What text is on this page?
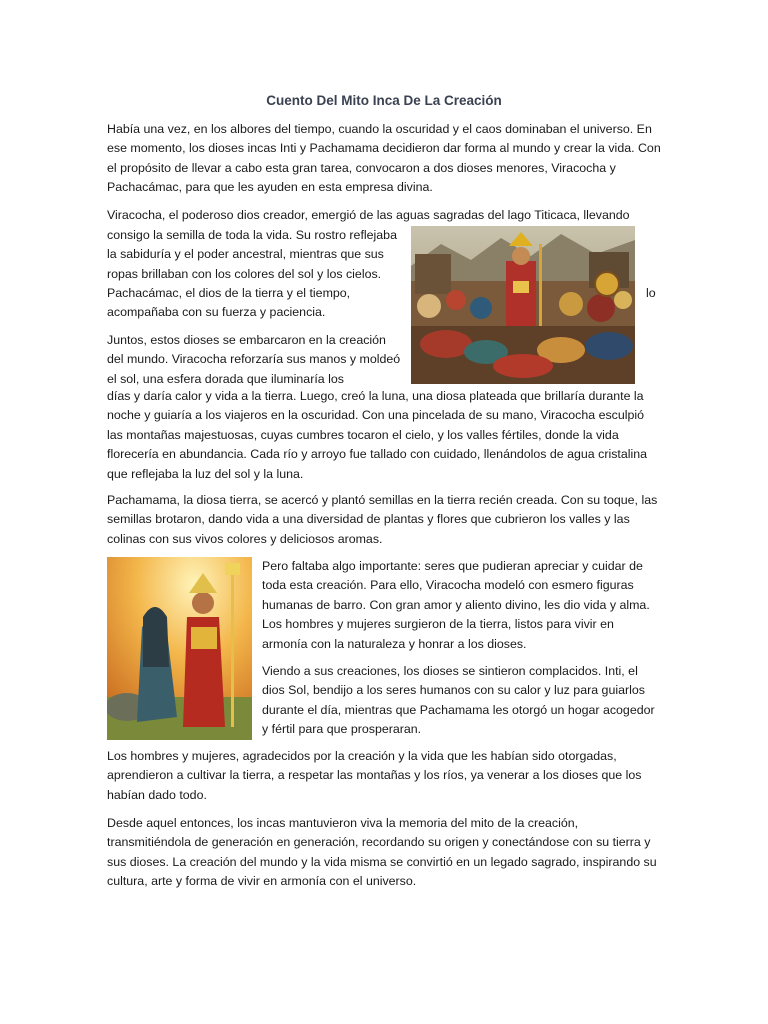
Cuento Del Mito Inca De La Creación

Había una vez, en los albores del tiempo, cuando la oscuridad y el caos dominaban el universo. En ese momento, los dioses incas Inti y Pachamama decidieron dar forma al mundo y crear la vida. Con el propósito de llevar a cabo esta gran tarea, convocaron a dos dioses menores, Viracocha y Pachacámac, para que les ayuden en esta empresa divina.

Viracocha, el poderoso dios creador, emergió de las aguas sagradas del lago Titicaca, llevando

consigo la semilla de toda la vida. Su rostro reflejaba la sabiduría y el poder ancestral, mientras que sus ropas brillaban con los colores del sol y los cielos. Pachacámac, el dios de la tierra y el tiempo,	lo

acompañaba con su fuerza y paciencia.

Juntos, estos dioses se embarcaron en la creación del mundo. Viracocha reforzaría sus manos y moldeó el sol, una esfera dorada que iluminaría los

días y daría calor y vida a la tierra. Luego, creó la luna, una diosa plateada que brillaría durante la noche y guiaría a los viajeros en la oscuridad. Con una pincelada de su mano, Viracocha esculpió las montañas majestuosas, cuyas cumbres tocaron el cielo, y los valles fértiles, donde la vida florecería en abundancia. Cada río y arroyo fue tallado con cuidado, llenándolos de agua cristalina que reflejaba la luz del sol y la luna.

Pachamama, la diosa tierra, se acercó y plantó semillas en la tierra recién creada. Con su toque, las semillas brotaron, dando vida a una diversidad de plantas y flores que cubrieron los valles y las colinas con sus vivos colores y deliciosos aromas.

Pero faltaba algo importante: seres que pudieran apreciar y cuidar de toda esta creación. Para ello, Viracocha modeló con esmero figuras humanas de barro. Con gran amor y aliento divino, les dio vida y alma. Los hombres y mujeres surgieron de la tierra, listos para vivir en armonía con la naturaleza y honrar a los dioses.

Viendo a sus creaciones, los dioses se sintieron complacidos. Inti, el dios Sol, bendijo a los seres humanos con su calor y luz para guiarlos durante el día, mientras que Pachamama les otorgó un hogar acogedor y fértil para que prosperaran.

Los hombres y mujeres, agradecidos por la creación y la vida que les habían sido otorgadas, aprendieron a cultivar la tierra, a respetar las montañas y los ríos, ya venerar a los dioses que los habían dado todo.

Desde aquel entonces, los incas mantuvieron viva la memoria del mito de la creación, transmitiéndola de generación en generación, recordando su origen y conectándose con su tierra y sus dioses. La creación del mundo y la vida misma se convirtió en un legado sagrado, inspirando su cultura, arte y forma de vivir en armonía con el universo.
